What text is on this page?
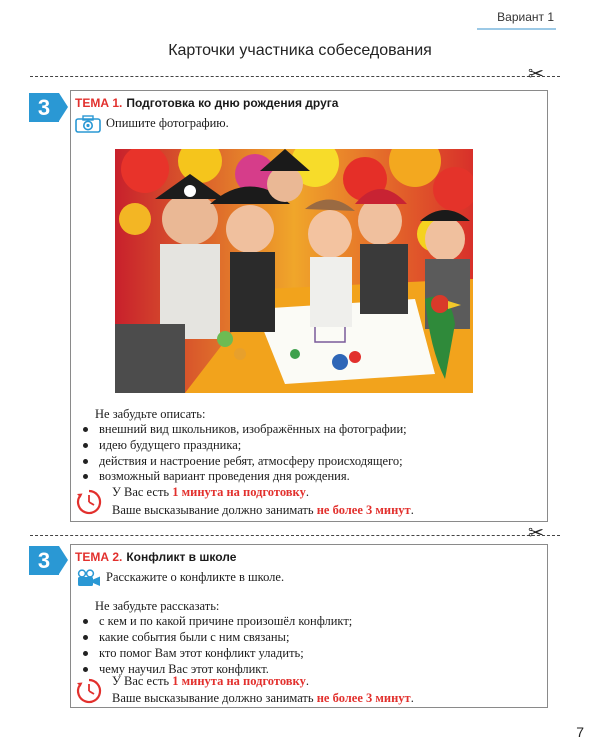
Вариант 1
Карточки участника собеседования
✂
3	ТЕМА 1. Подготовка ко дню рождения друга
Опишите фотографию.
Не забудьте описать:
внешний вид школьников, изображённых на фотографии;
идею будущего праздника;
действия и настроение ребят, атмосферу происходящего;
возможный вариант проведения дня рождения.
У Вас есть 1 минута на подготовку.
Ваше высказывание должно занимать не более 3 минут.
✂
3	ТЕМА 2. Конфликт в школе
Расскажите о конфликте в школе.
Не забудьте рассказать:
с кем и по какой причине произошёл конфликт;
какие события были с ним связаны;
кто помог Вам этот конфликт уладить;
чему научил Вас этот конфликт.
У Вас есть 1 минута на подготовку.
Ваше высказывание должно занимать не более 3 минут.
7
